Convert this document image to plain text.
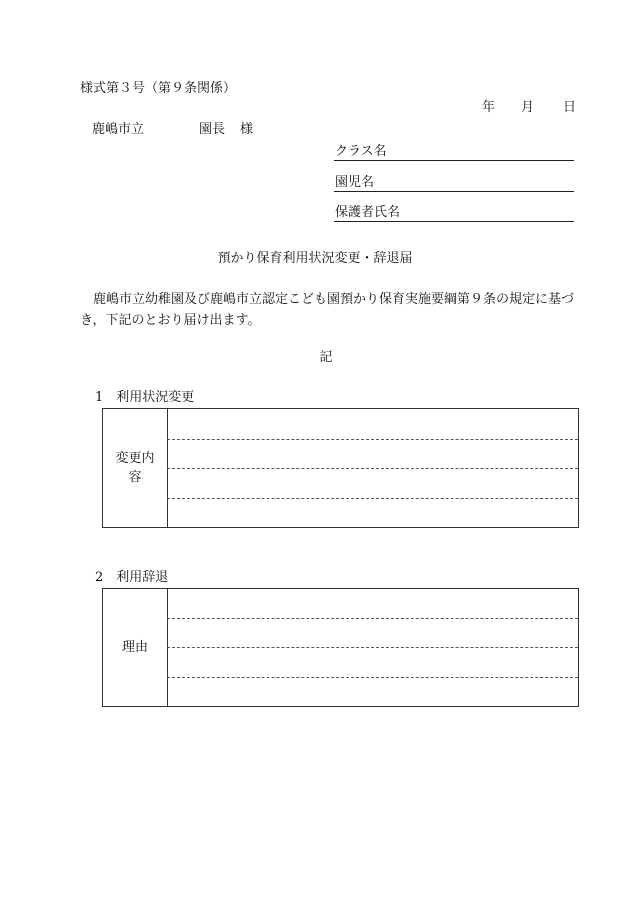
様式第３号（第９条関係）
年 月 日
鹿嶋市立	園長 様
クラス名
園児名
保護者氏名
預かり保育利用状況変更・辞退届
鹿嶋市立幼稚園及び鹿嶋市立認定こども園預かり保育実施要綱第９条の規定に基づき，下記のとおり届け出ます。
記
1　利用状況変更
変更内容
2　利用辞退
理由
